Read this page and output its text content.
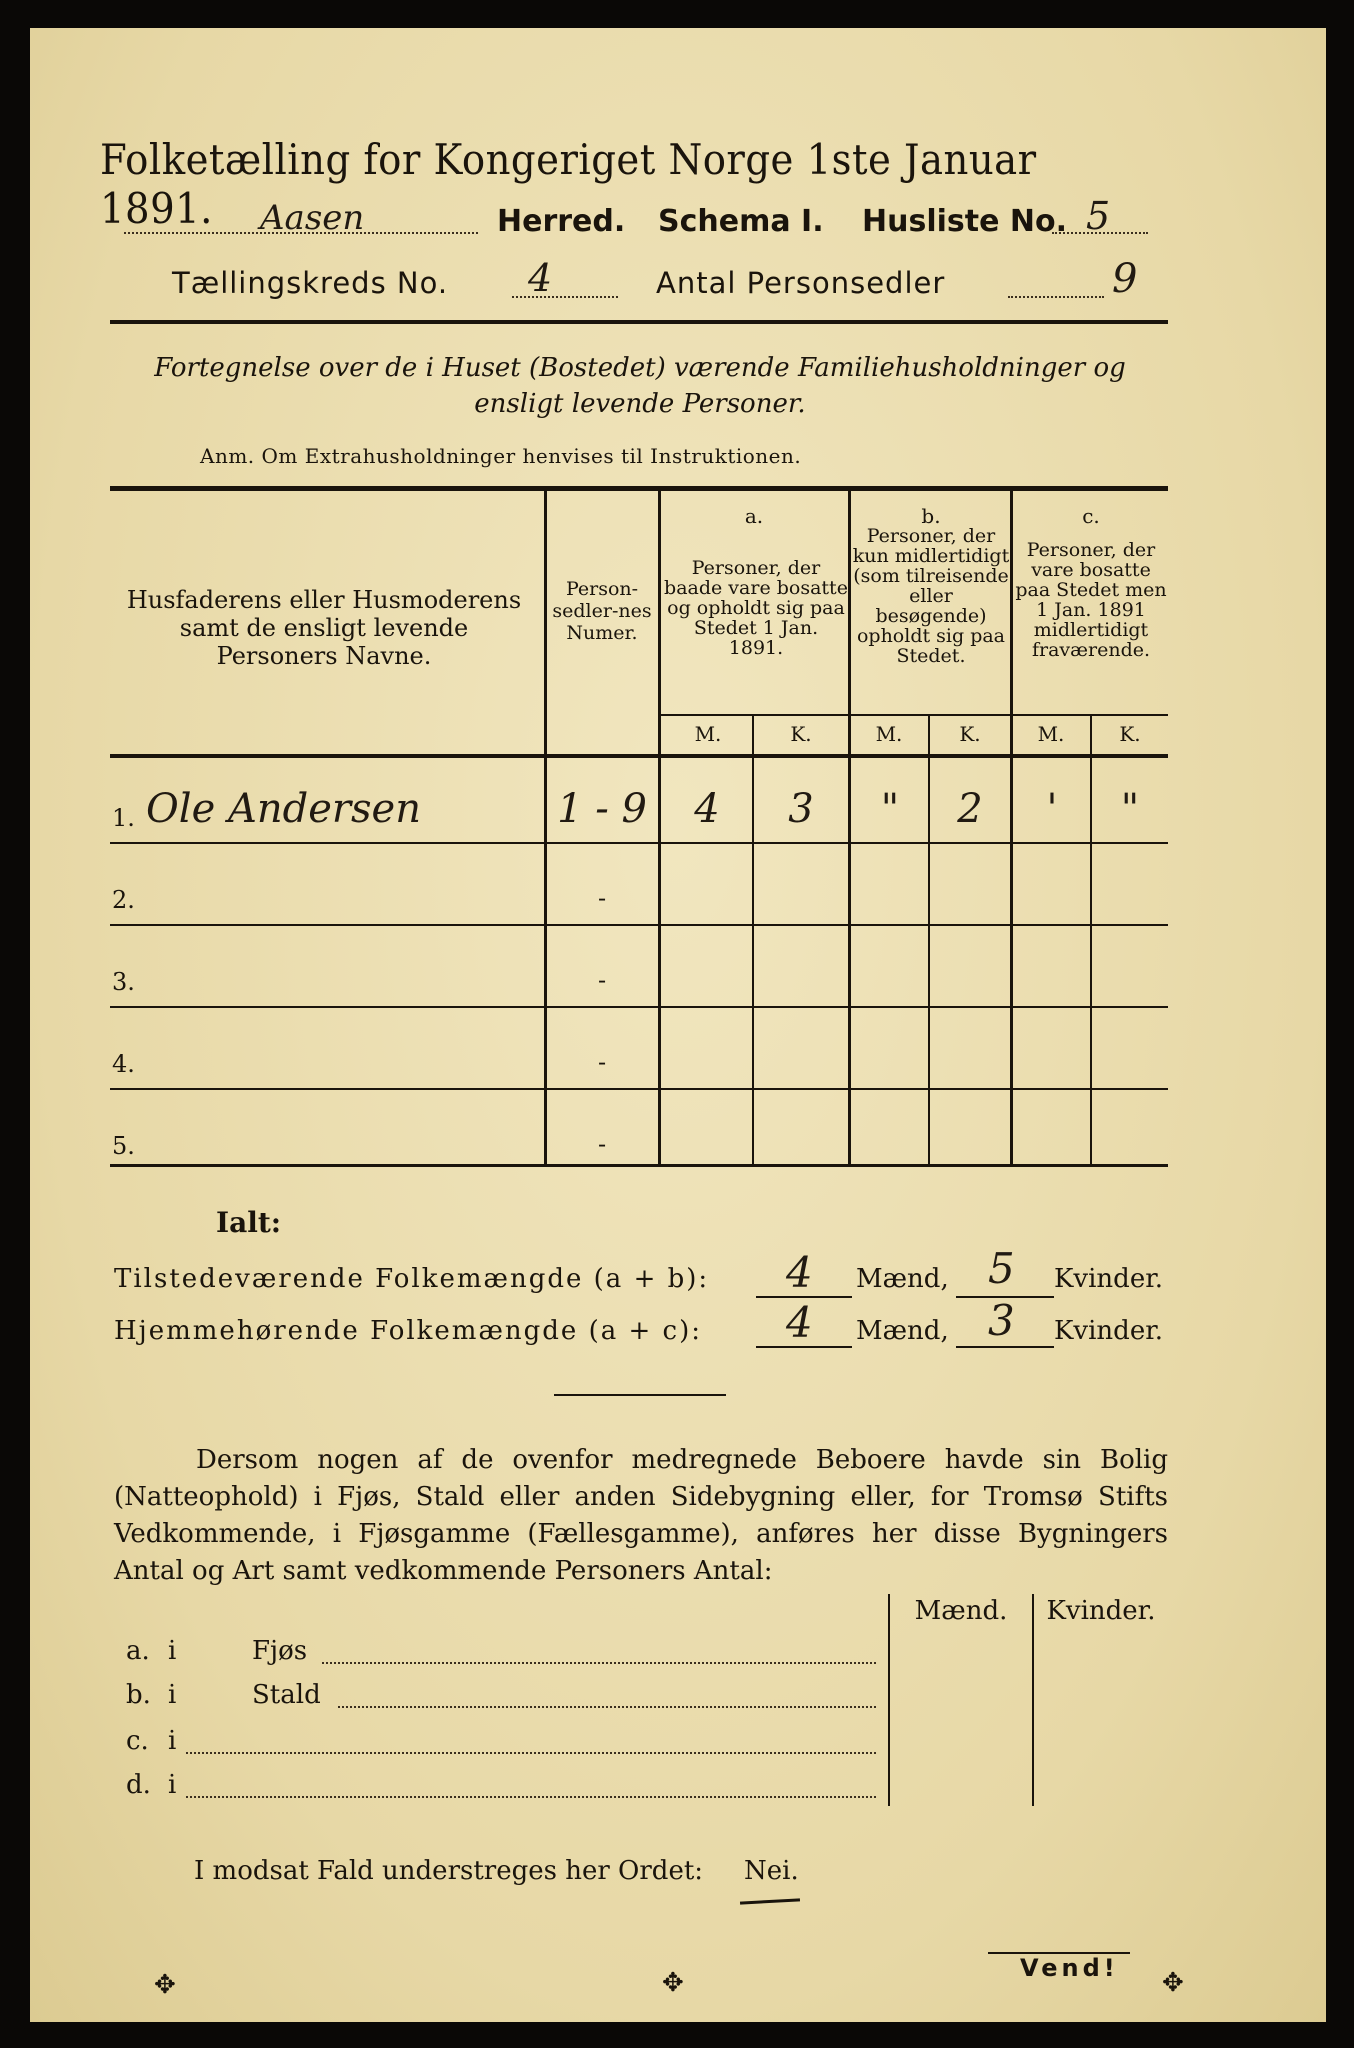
Folketælling for Kongeriget Norge 1ste Januar 1891.	Aasen	Herred. Schema I. Husliste No. 5
Tællingskreds No. 4	Antal Personsedler	9
Fortegnelse over de i Huset (Bostedet) værende Familiehusholdninger og ensligt levende Personer.
Anm. Om Extrahusholdninger henvises til Instruktionen.
Husfaderens eller Husmoderens samt de ensligt levende Personers Navne.
Person-sedler-nes Numer.
a.
Personer, der baade vare bosatte og opholdt sig paa Stedet 1 Jan. 1891.
b.
Personer, der kun midlertidigt (som tilreisende eller besøgende) opholdt sig paa Stedet.
c.
Personer, der vare bosatte paa Stedet men 1 Jan. 1891 midlertidigt fraværende.
M.	K.	M.	K.	M.	K.
1. Ole Andersen	1 - 9	4	3	"	2	'	"
2.	-
3.	-
4.	-
5.	-
Ialt:
Tilstedeværende Folkemængde (a + b): 4 Mænd, 5 Kvinder.
Hjemmehørende Folkemængde (a + c): 4 Mænd, 3 Kvinder.
Dersom nogen af de ovenfor medregnede Beboere havde sin Bolig (Natteophold) i Fjøs, Stald eller anden Sidebygning eller, for Tromsø Stifts Vedkommende, i Fjøsgamme (Fællesgamme), anføres her disse Bygningers Antal og Art samt vedkommende Personers Antal:
Mænd.	Kvinder.
a. i	Fjøs
b. i	Stald
c. i
d. i
I modsat Fald understreges her Ordet: Nei.
Vend!
✥	✥	✥
